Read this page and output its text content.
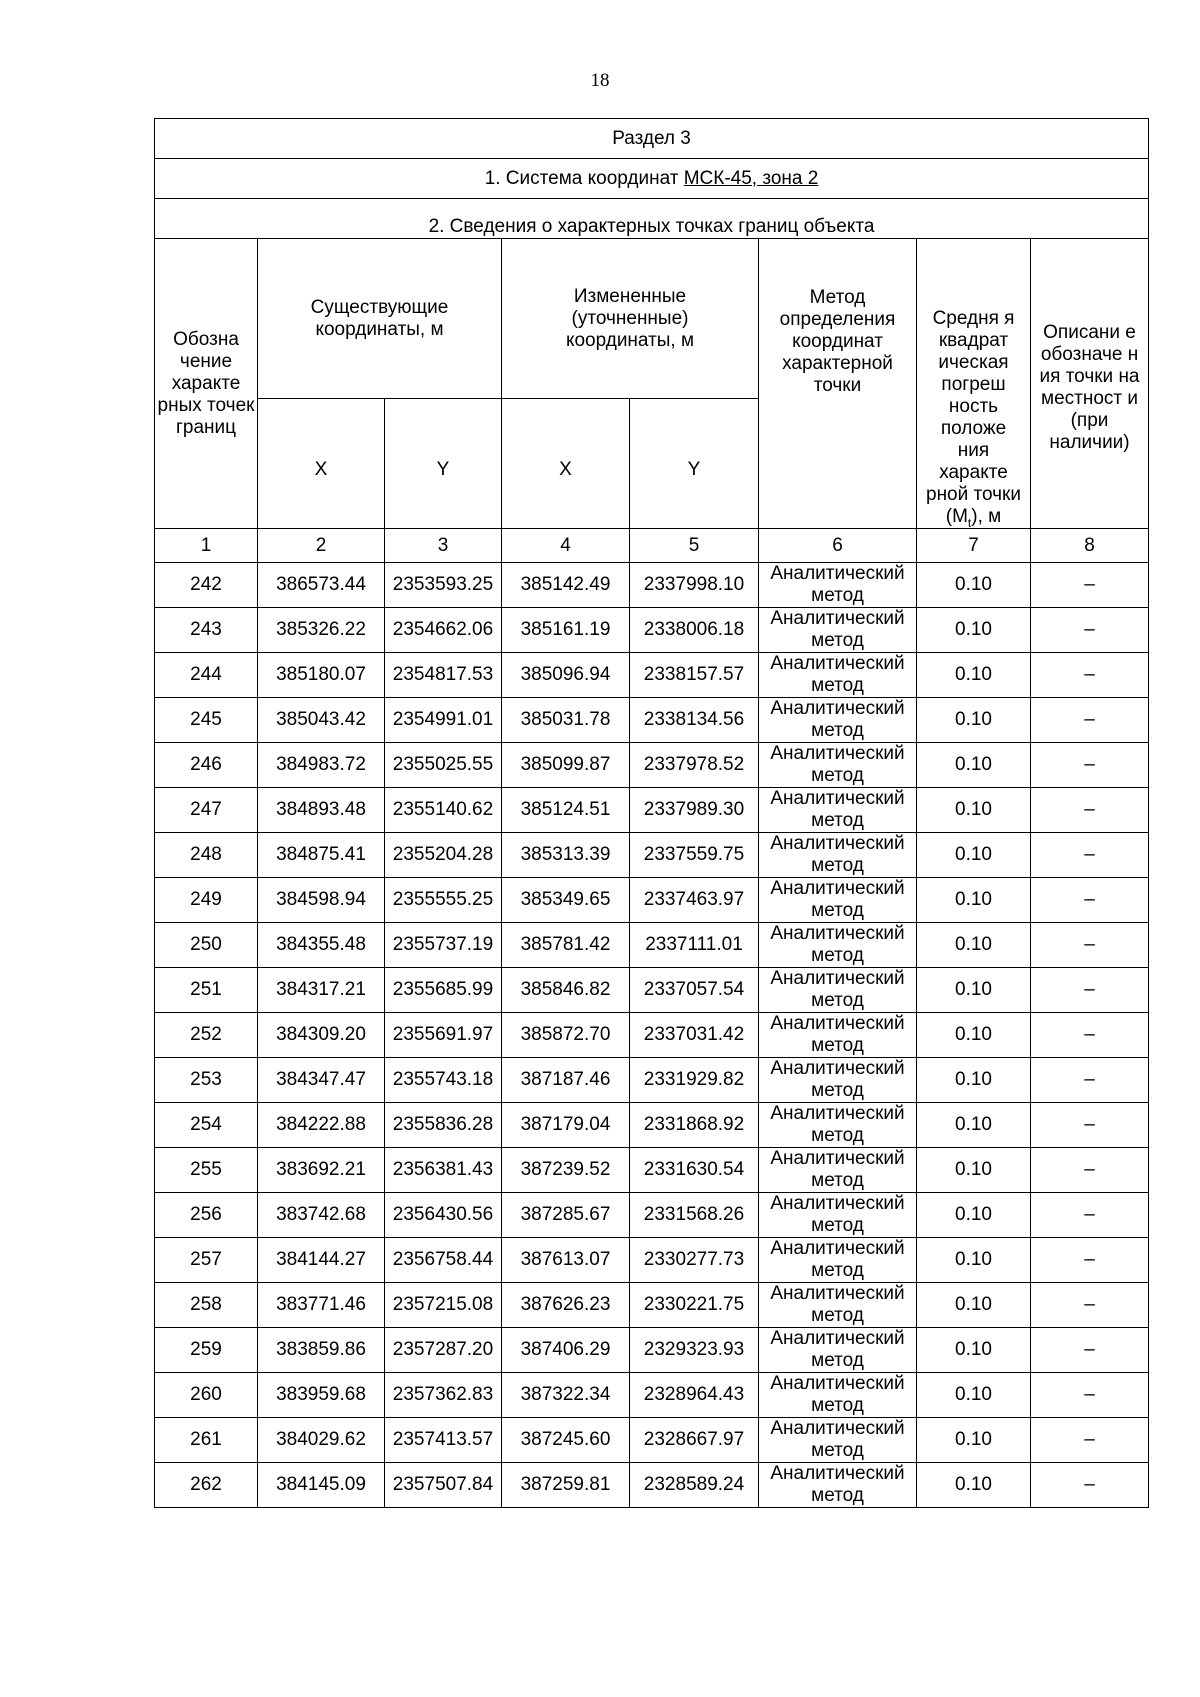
18
Раздел 3							
1. Система координат МСК-45, зона 2							
2. Сведения о характерных точках границ объекта							
Обозна чение характе рных точек границ	Существующие координаты, м		Измененные (уточненные) координаты, м		Метод определения координат характерной точки	Средня я квадрат ическая погреш ность положе ния характе рной точки $(M_t)$, м	Описани е обозначе н ия точки на местност и (при наличии)
	X	Y	X	Y			
1	2	3	4	5	6	7	8
242	386573.44	2353593.25	385142.49	2337998.10	Аналитический метод	0.10	–
243	385326.22	2354662.06	385161.19	2338006.18	Аналитический метод	0.10	–
244	385180.07	2354817.53	385096.94	2338157.57	Аналитический метод	0.10	–
245	385043.42	2354991.01	385031.78	2338134.56	Аналитический метод	0.10	–
246	384983.72	2355025.55	385099.87	2337978.52	Аналитический метод	0.10	–
247	384893.48	2355140.62	385124.51	2337989.30	Аналитический метод	0.10	–
248	384875.41	2355204.28	385313.39	2337559.75	Аналитический метод	0.10	–
249	384598.94	2355555.25	385349.65	2337463.97	Аналитический метод	0.10	–
250	384355.48	2355737.19	385781.42	2337111.01	Аналитический метод	0.10	–
251	384317.21	2355685.99	385846.82	2337057.54	Аналитический метод	0.10	–
252	384309.20	2355691.97	385872.70	2337031.42	Аналитический метод	0.10	–
253	384347.47	2355743.18	387187.46	2331929.82	Аналитический метод	0.10	–
254	384222.88	2355836.28	387179.04	2331868.92	Аналитический метод	0.10	–
255	383692.21	2356381.43	387239.52	2331630.54	Аналитический метод	0.10	–
256	383742.68	2356430.56	387285.67	2331568.26	Аналитический метод	0.10	–
257	384144.27	2356758.44	387613.07	2330277.73	Аналитический метод	0.10	–
258	383771.46	2357215.08	387626.23	2330221.75	Аналитический метод	0.10	–
259	383859.86	2357287.20	387406.29	2329323.93	Аналитический метод	0.10	–
260	383959.68	2357362.83	387322.34	2328964.43	Аналитический метод	0.10	–
261	384029.62	2357413.57	387245.60	2328667.97	Аналитический метод	0.10	–
262	384145.09	2357507.84	387259.81	2328589.24	Аналитический метод	0.10	–
